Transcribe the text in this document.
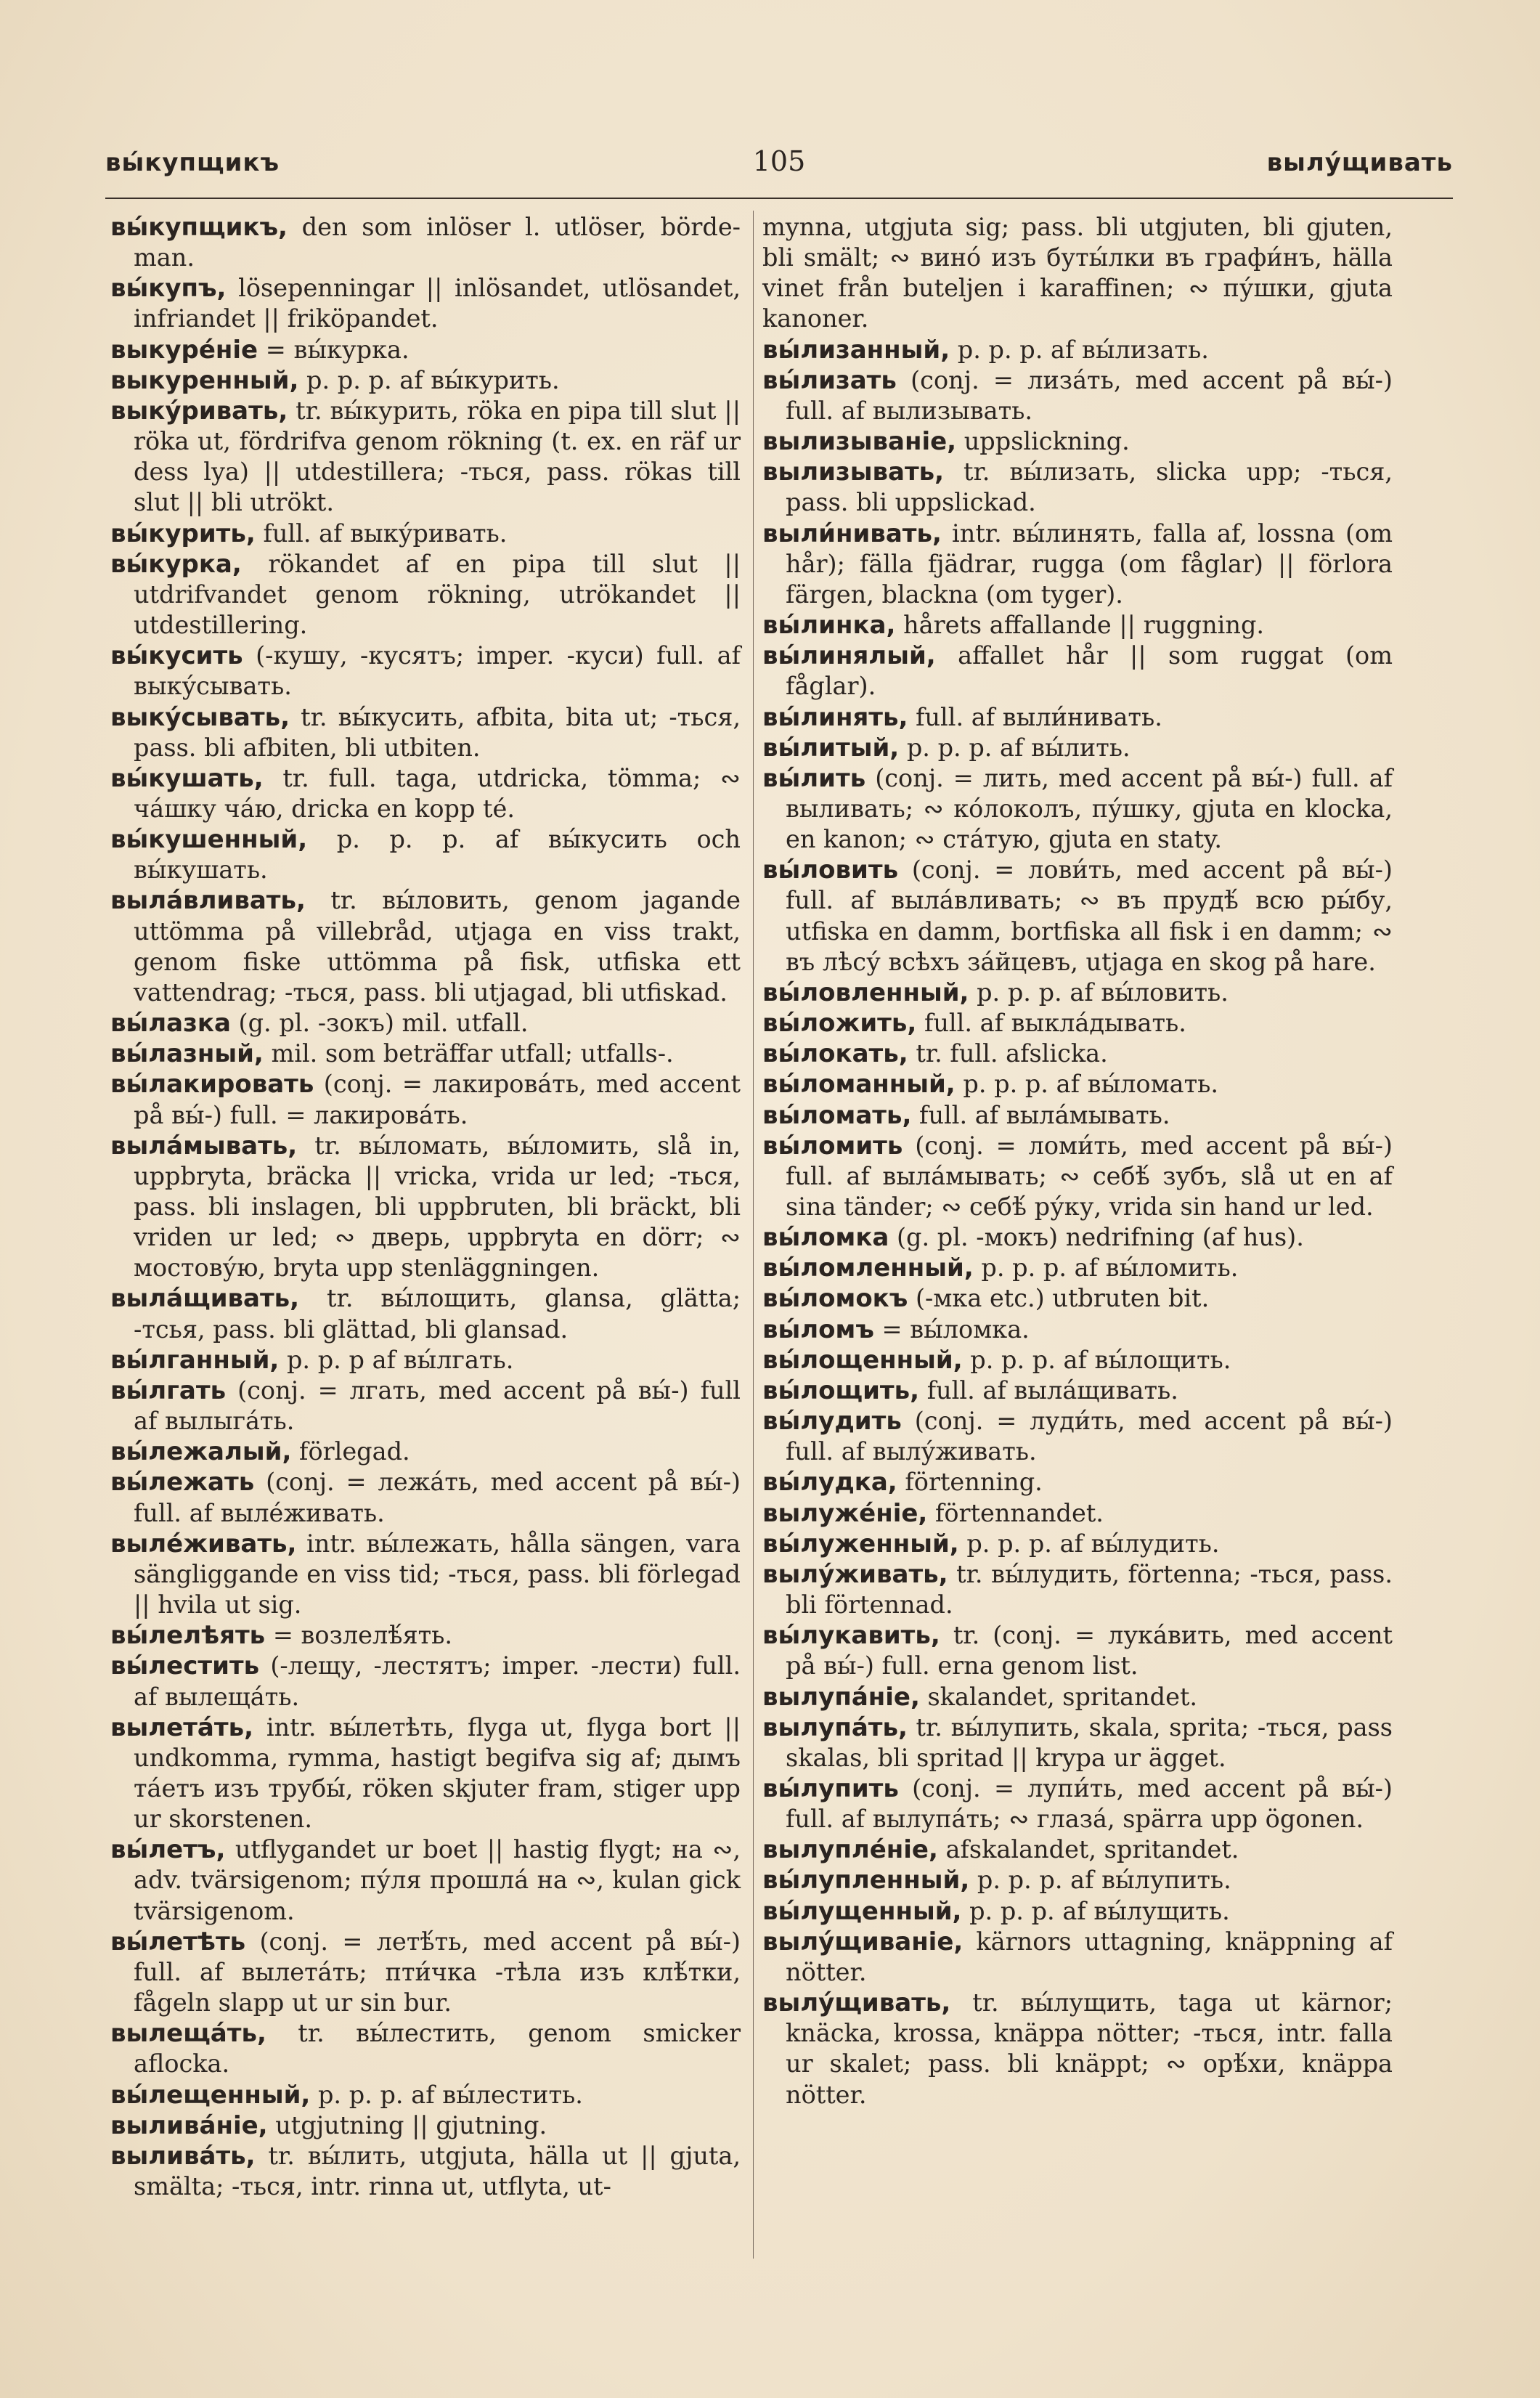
вы́купщикъ	105	вылу́щивать

вы́купщикъ, den som inlöser l. utlöser, börde-man.

вы́купъ, lösepenningar || inlösandet, utlösandet, infriandet || friköpandet.

выкуре́ніе = вы́курка.

выкуренный, p. p. p. af вы́курить.

выку́ривать, tr. вы́курить, röka en pipa till slut || röka ut, fördrifva genom rökning (t. ex. en räf ur dess lya) || utdestillera; -ться, pass. rökas till slut || bli utrökt.

вы́курить, full. af выку́ривать.

вы́курка, rökandet af en pipa till slut || utdrifvandet genom rökning, utrökandet || utdestillering.

вы́кусить (-кушу, -кусятъ; imper. -куси) full. af выку́сывать.

выку́сывать, tr. вы́кусить, afbita, bita ut; -ться, pass. bli afbiten, bli utbiten.

вы́кушать, tr. full. taga, utdricka, tömma; ∾ ча́шку ча́ю, dricka en kopp té.

вы́кушенный, p. p. p. af вы́кусить och вы́кушать.

выла́вливать, tr. вы́ловить, genom jagande uttömma på villebråd, utjaga en viss trakt, genom fiske uttömma på fisk, utfiska ett vattendrag; -ться, pass. bli utjagad, bli utfiskad.

вы́лазка (g. pl. -зокъ) mil. utfall.

вы́лазный, mil. som beträffar utfall; utfalls-.

вы́лакировать (conj. = лакирова́ть, med accent på вы́-) full. = лакирова́ть.

выла́мывать, tr. вы́ломать, вы́ломить, slå in, uppbryta, bräcka || vricka, vrida ur led; -ться, pass. bli inslagen, bli uppbruten, bli bräckt, bli vriden ur led; ∾ дверь, uppbryta en dörr; ∾ мостову́ю, bryta upp stenläggningen.

выла́щивать, tr. вы́лощить, glansa, glätta; -тсья, pass. bli glättad, bli glansad.

вы́лганный, p. p. p af вы́лгать.

вы́лгать (conj. = лгать, med accent på вы́-) full af вылыга́ть.

вы́лежалый, förlegad.

вы́лежать (conj. = лежа́ть, med accent på вы́-) full. af выле́живать.

выле́живать, intr. вы́лежать, hålla sängen, vara sängliggande en viss tid; -ться, pass. bli förlegad || hvila ut sig.

вы́лелѣять = возлелѣ́ять.

вы́лестить (-лещу, -лестятъ; imper. -лести) full. af вылеща́ть.

вылета́ть, intr. вы́летѣть, flyga ut, flyga bort || undkomma, rymma, hastigt begifva sig af; дымъ та́етъ изъ трубы́, röken skjuter fram, stiger upp ur skorstenen.

вы́летъ, utflygandet ur boet || hastig flygt; на ∾, adv. tvärsigenom; пу́ля прошла́ на ∾, kulan gick tvärsigenom.

вы́летѣть (conj. = летѣ́ть, med accent på вы́-) full. af вылета́ть; пти́чка -тѣла изъ клѣ́тки, fågeln slapp ut ur sin bur.

вылеща́ть, tr. вы́лестить, genom smicker aflocka.

вы́лещенный, p. p. p. af вы́лестить.

вылива́ніе, utgjutning || gjutning.

вылива́ть, tr. вы́лить, utgjuta, hälla ut || gjuta, smälta; -ться, intr. rinna ut, utflyta, ut-

mynna, utgjuta sig; pass. bli utgjuten, bli gjuten, bli smält; ∾ вино́ изъ буты́лки въ графи́нъ, hälla vinet från buteljen i karaffinen; ∾ пу́шки, gjuta kanoner.

вы́лизанный, p. p. p. af вы́лизать.

вы́лизать (conj. = лиза́ть, med accent på вы́-) full. af вылизывать.

вылизываніе, uppslickning.

вылизывать, tr. вы́лизать, slicka upp; -ться, pass. bli uppslickad.

выли́нивать, intr. вы́линять, falla af, lossna (om hår); fälla fjädrar, rugga (om fåglar) || förlora färgen, blackna (om tyger).

вы́линка, hårets affallande || ruggning.

вы́линялый, affallet hår || som ruggat (om fåglar).

вы́линять, full. af выли́нивать.

вы́литый, p. p. p. af вы́лить.

вы́лить (conj. = лить, med accent på вы́-) full. af выливать; ∾ ко́локолъ, пу́шку, gjuta en klocka, en kanon; ∾ ста́тую, gjuta en staty.

вы́ловить (conj. = лови́ть, med accent på вы́-) full. af выла́вливать; ∾ въ прудѣ́ всю ры́бу, utfiska en damm, bortfiska all fisk i en damm; ∾ въ лѣсу́ всѣхъ за́йцевъ, utjaga en skog på hare.

вы́ловленный, p. p. p. af вы́ловить.

вы́ложить, full. af выкла́дывать.

вы́локать, tr. full. afslicka.

вы́ломанный, p. p. p. af вы́ломать.

вы́ломать, full. af выла́мывать.

вы́ломить (conj. = ломи́ть, med accent på вы́-) full. af выла́мывать; ∾ себѣ́ зубъ, slå ut en af sina tänder; ∾ себѣ́ ру́ку, vrida sin hand ur led.

вы́ломка (g. pl. -мокъ) nedrifning (af hus).

вы́ломленный, p. p. p. af вы́ломить.

вы́ломокъ (-мка etc.) utbruten bit.

вы́ломъ = вы́ломка.

вы́лощенный, p. p. p. af вы́лощить.

вы́лощить, full. af выла́щивать.

вы́лудить (conj. = луди́ть, med accent på вы́-) full. af вылу́живать.

вы́лудка, förtenning.

вылуже́ніе, förtennandet.

вы́луженный, p. p. p. af вы́лудить.

вылу́живать, tr. вы́лудить, förtenna; -ться, pass. bli förtennad.

вы́лукавить, tr. (conj. = лука́вить, med accent på вы́-) full. erna genom list.

вылупа́ніе, skalandet, spritandet.

вылупа́ть, tr. вы́лупить, skala, sprita; -ться, pass skalas, bli spritad || krypa ur ägget.

вы́лупить (conj. = лупи́ть, med accent på вы́-) full. af вылупа́ть; ∾ глаза́, spärra upp ögonen.

вылупле́ніе, afskalandet, spritandet.

вы́лупленный, p. p. p. af вы́лупить.

вы́лущенный, p. p. p. af вы́лущить.

вылу́щиваніе, kärnors uttagning, knäppning af nötter.

вылу́щивать, tr. вы́лущить, taga ut kärnor; knäcka, krossa, knäppa nötter; -ться, intr. falla ur skalet; pass. bli knäppt; ∾ орѣ́хи, knäppa nötter.
